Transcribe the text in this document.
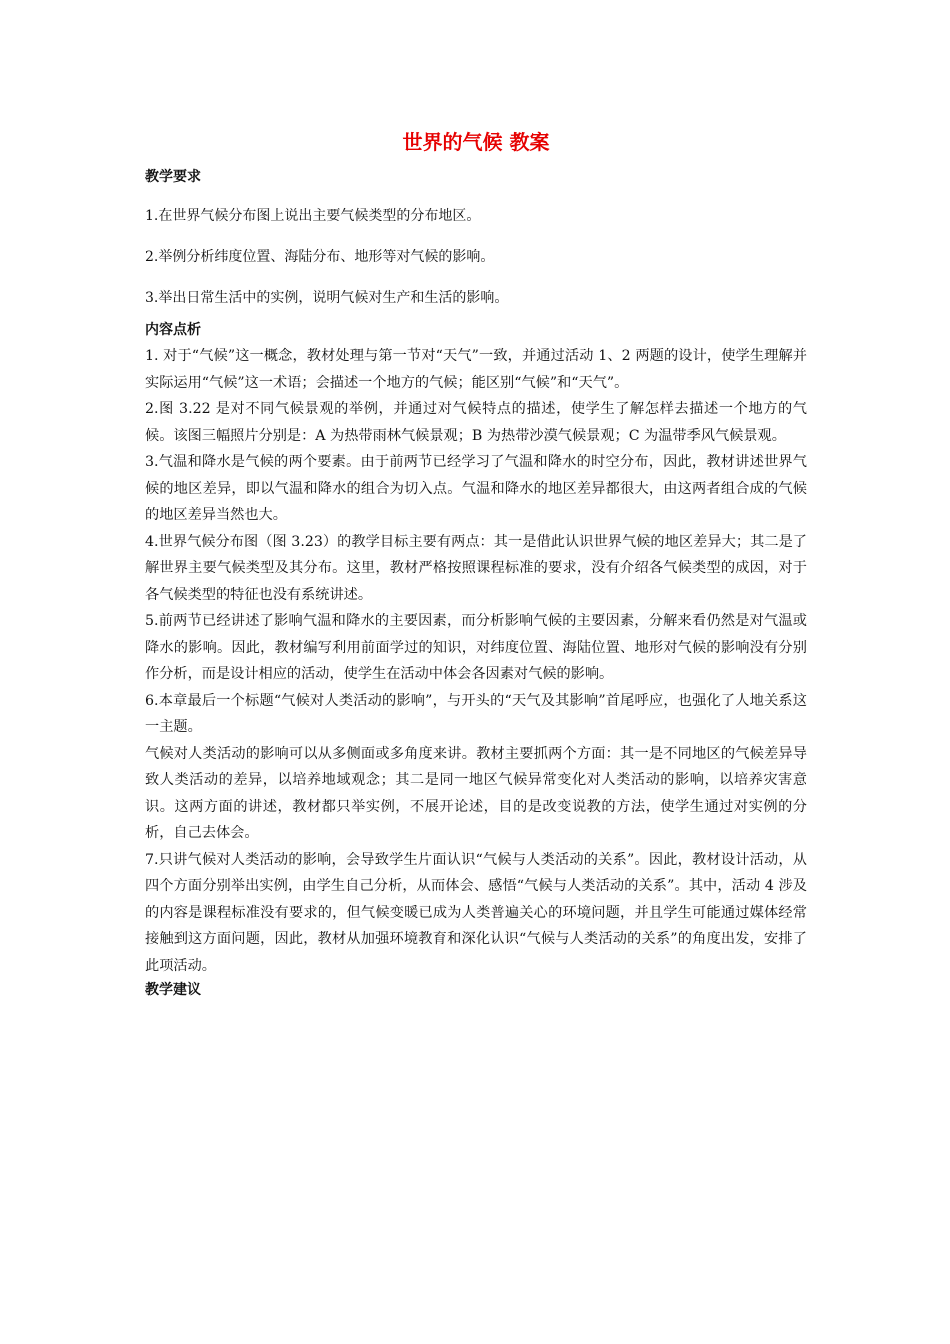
世界的气候 教案
教学要求

1.在世界气候分布图上说出主要气候类型的分布地区。

2.举例分析纬度位置、海陆分布、地形等对气候的影响。

3.举出日常生活中的实例，说明气候对生产和生活的影响。

内容点析

1. 对于“气候”这一概念，教材处理与第一节对“天气”一致，并通过活动 1、2 两题的设计，使学生理解并实际运用“气候”这一术语；会描述一个地方的气候；能区别“气候”和“天气”。

2.图 3.22 是对不同气候景观的举例，并通过对气候特点的描述，使学生了解怎样去描述一个地方的气候。该图三幅照片分别是：A 为热带雨林气候景观；B 为热带沙漠气候景观；C 为温带季风气候景观。

3.气温和降水是气候的两个要素。由于前两节已经学习了气温和降水的时空分布，因此，教材讲述世界气候的地区差异，即以气温和降水的组合为切入点。气温和降水的地区差异都很大，由这两者组合成的气候的地区差异当然也大。

4.世界气候分布图（图 3.23）的教学目标主要有两点：其一是借此认识世界气候的地区差异大；其二是了解世界主要气候类型及其分布。这里，教材严格按照课程标准的要求，没有介绍各气候类型的成因，对于各气候类型的特征也没有系统讲述。

5.前两节已经讲述了影响气温和降水的主要因素，而分析影响气候的主要因素，分解来看仍然是对气温或降水的影响。因此，教材编写利用前面学过的知识，对纬度位置、海陆位置、地形对气候的影响没有分别作分析，而是设计相应的活动，使学生在活动中体会各因素对气候的影响。

6.本章最后一个标题“气候对人类活动的影响”，与开头的“天气及其影响”首尾呼应，也强化了人地关系这一主题。

气候对人类活动的影响可以从多侧面或多角度来讲。教材主要抓两个方面：其一是不同地区的气候差异导致人类活动的差异，以培养地域观念；其二是同一地区气候异常变化对人类活动的影响，以培养灾害意识。这两方面的讲述，教材都只举实例，不展开论述，目的是改变说教的方法，使学生通过对实例的分析，自己去体会。

7.只讲气候对人类活动的影响，会导致学生片面认识“气候与人类活动的关系”。因此，教材设计活动，从四个方面分别举出实例，由学生自己分析，从而体会、感悟“气候与人类活动的关系”。其中，活动 4 涉及的内容是课程标准没有要求的，但气候变暖已成为人类普遍关心的环境问题，并且学生可能通过媒体经常接触到这方面问题，因此，教材从加强环境教育和深化认识“气候与人类活动的关系”的角度出发，安排了此项活动。

教学建议
